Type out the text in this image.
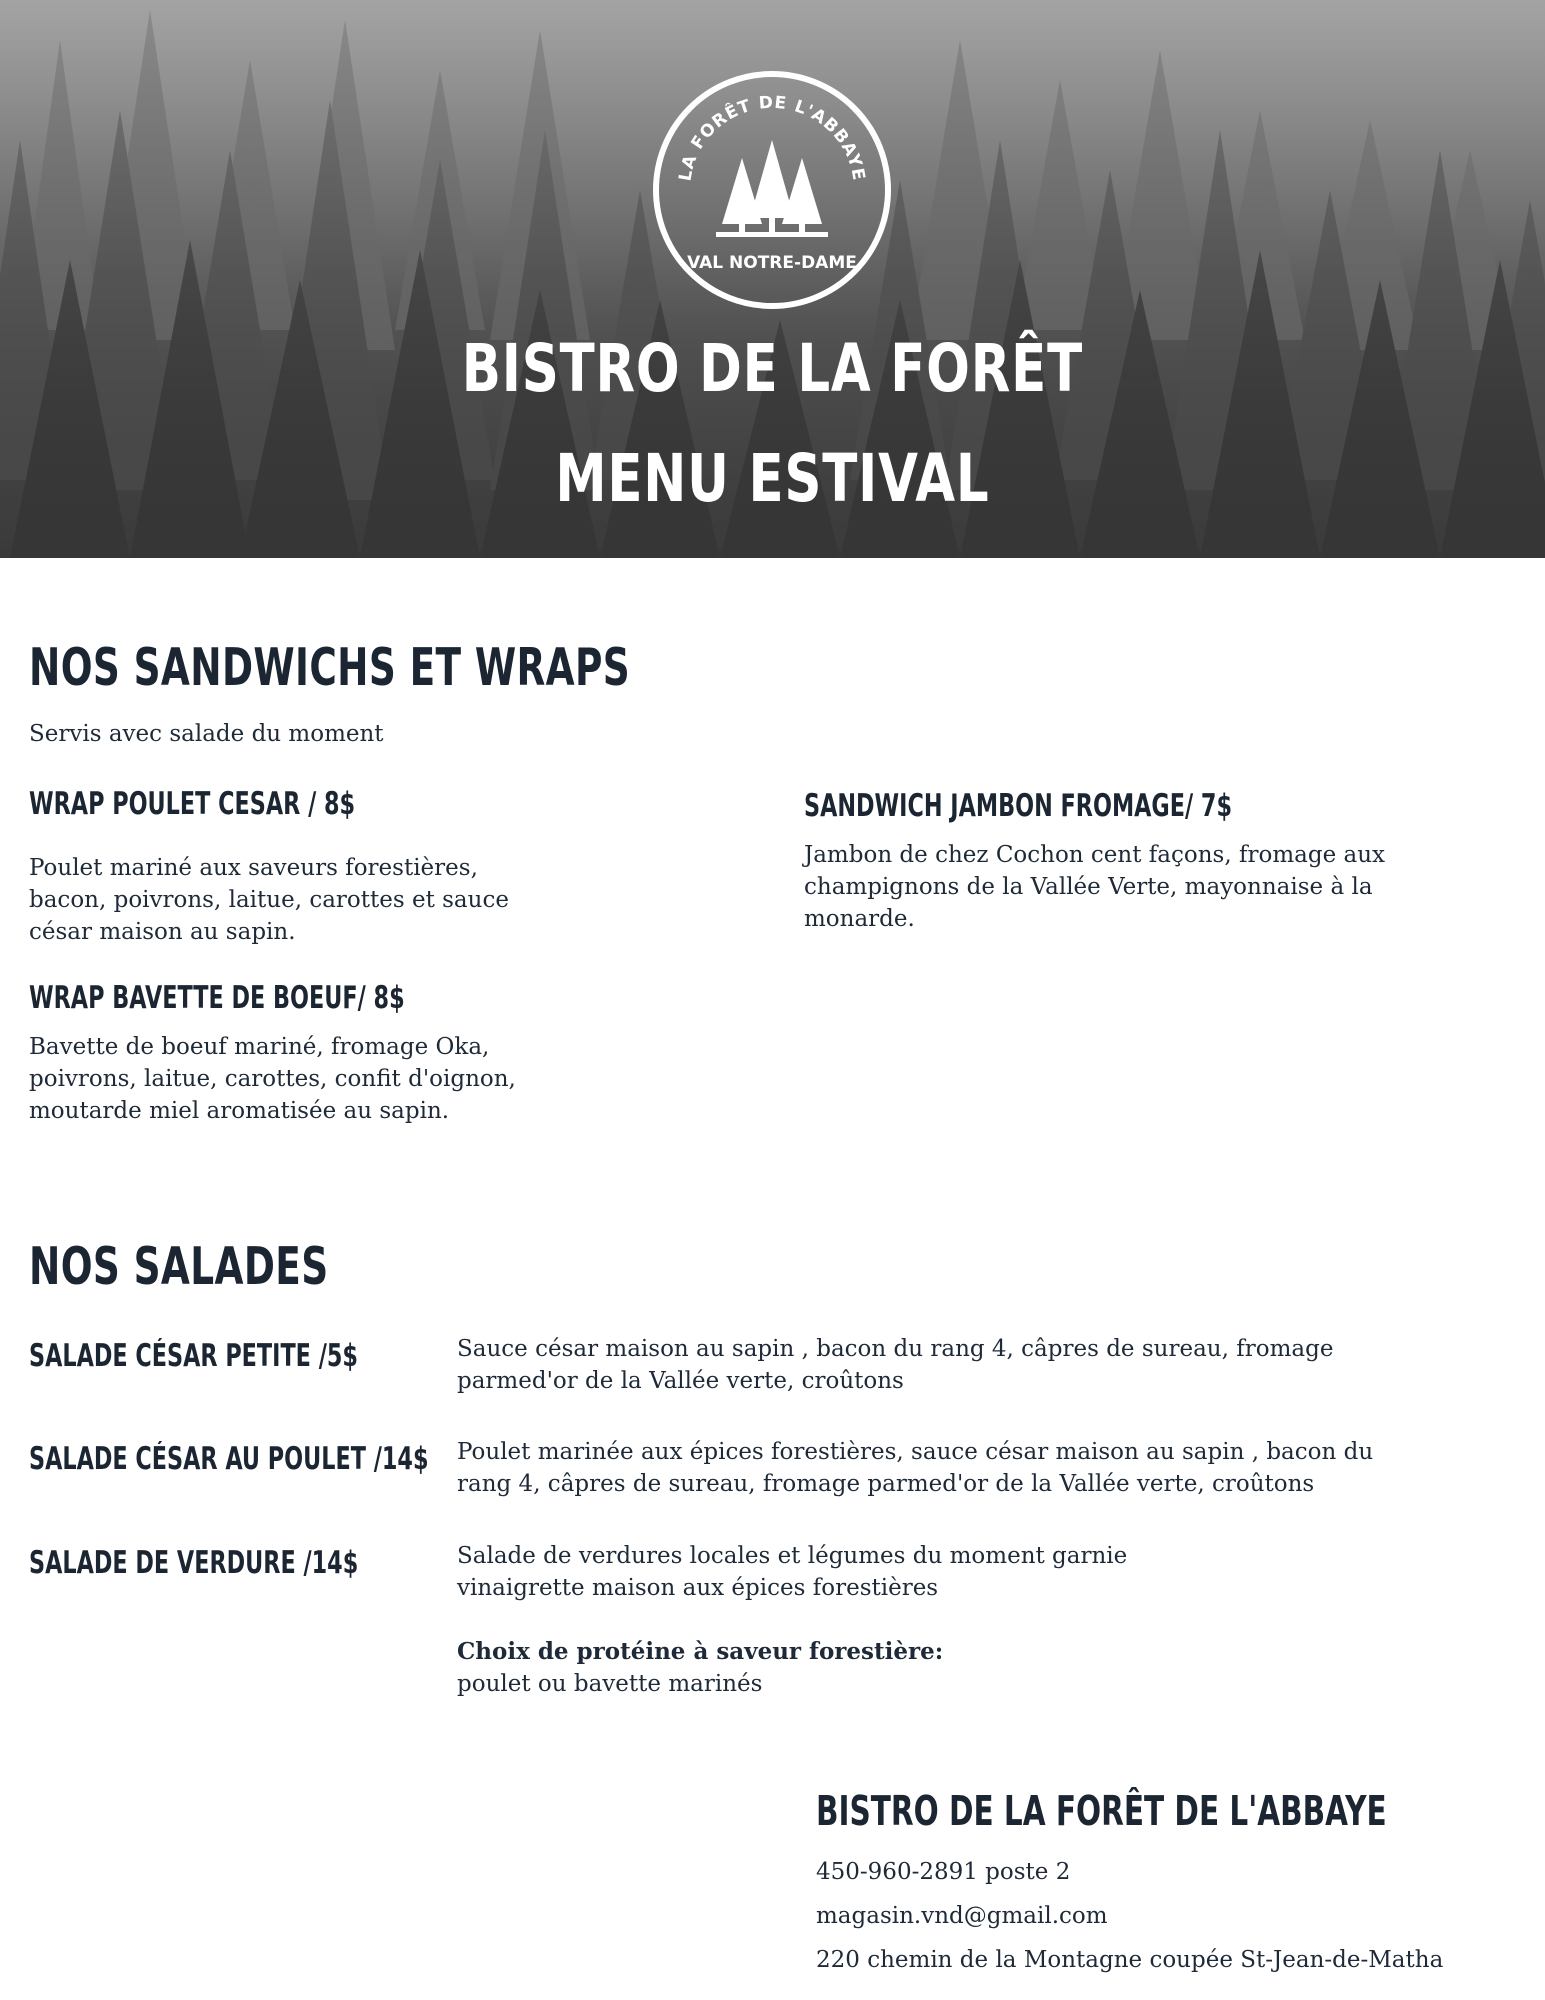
LA FORÊT DE L'ABBAYE
VAL NOTRE-DAME
BISTRO DE LA FORÊT
MENU ESTIVAL
NOS SANDWICHS ET WRAPS
Servis avec salade du moment
WRAP POULET CESAR / 8$
Poulet mariné aux saveurs forestières, bacon, poivrons, laitue, carottes et sauce césar maison au sapin.
WRAP BAVETTE DE BOEUF/ 8$
Bavette de boeuf mariné, fromage Oka, poivrons, laitue, carottes, confit d'oignon, moutarde miel aromatisée au sapin.
SANDWICH JAMBON FROMAGE/ 7$
Jambon de chez Cochon cent façons, fromage aux champignons de la Vallée Verte, mayonnaise à la monarde.
NOS SALADES
SALADE CÉSAR PETITE /5$	Sauce césar maison au sapin , bacon du rang 4, câpres de sureau, fromage parmed'or de la Vallée verte, croûtons
SALADE CÉSAR AU POULET /14$ Poulet marinée aux épices forestières, sauce césar maison au sapin , bacon du rang 4, câpres de sureau, fromage parmed'or de la Vallée verte, croûtons
SALADE DE VERDURE /14$	Salade de verdures locales et légumes du moment garnie vinaigrette maison aux épices forestières
Choix de protéine à saveur forestière:
poulet ou bavette marinés
BISTRO DE LA FORÊT DE L'ABBAYE
450-960-2891 poste 2
magasin.vnd@gmail.com
220 chemin de la Montagne coupée St-Jean-de-Matha
